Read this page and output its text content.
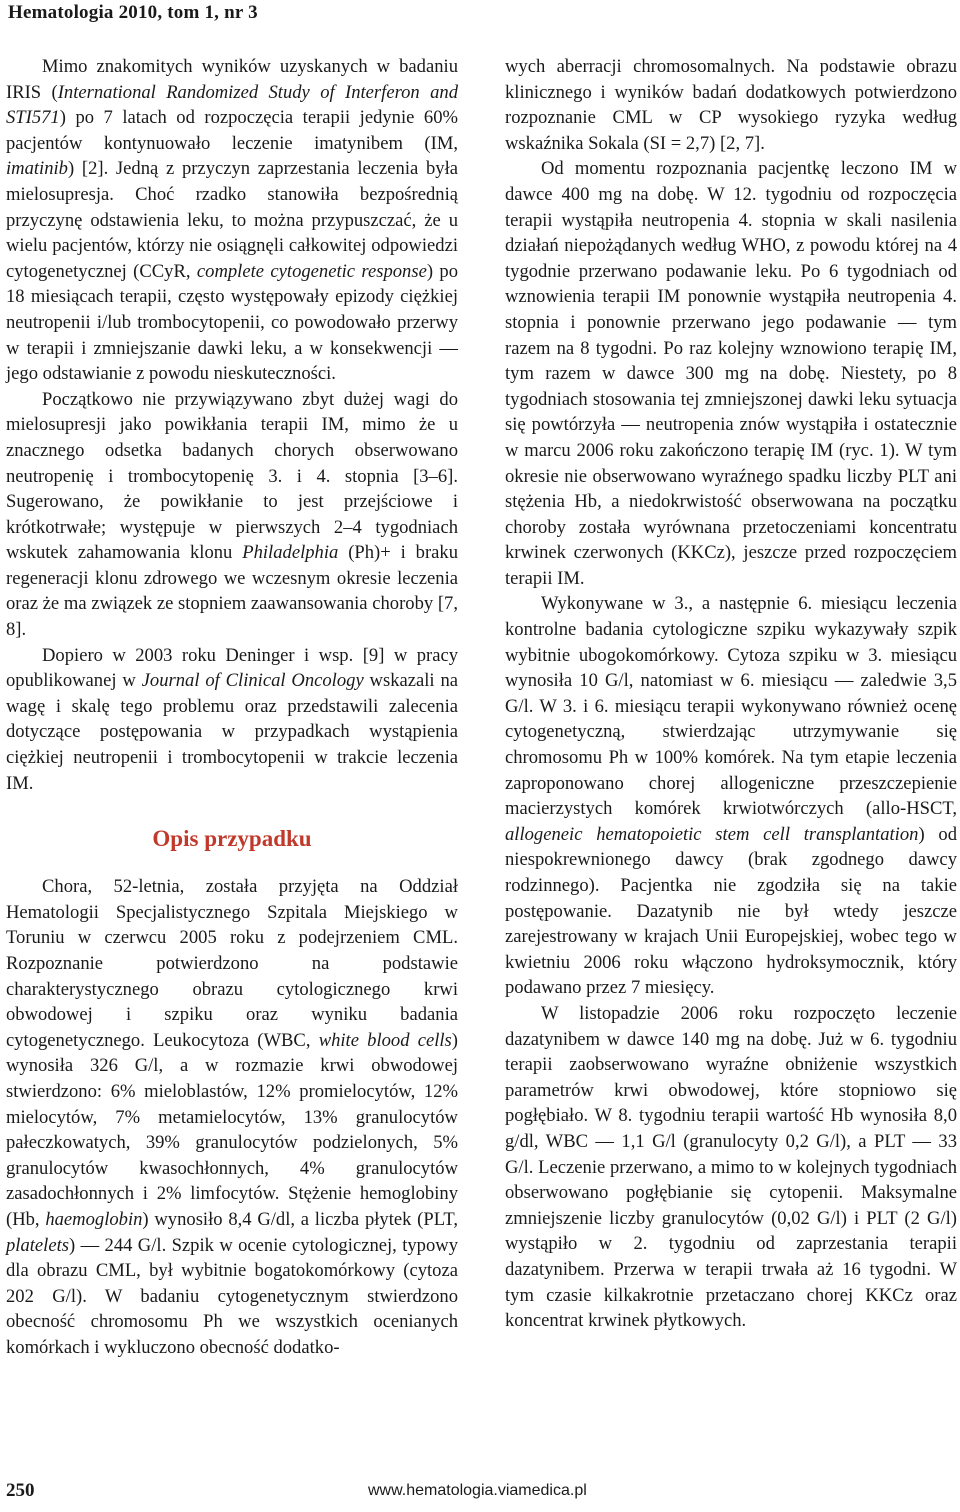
Hematologia 2010, tom 1, nr 3

Mimo znakomitych wyników uzyskanych w badaniu IRIS (International Randomized Study of Interferon and STI571) po 7 latach od rozpoczęcia terapii jedynie 60% pacjentów kontynuowało leczenie imatynibem (IM, imatinib) [2]. Jedną z przyczyn zaprzestania leczenia była mielosupresja. Choć rzadko stanowiła bezpośrednią przyczynę odstawienia leku, to można przypuszczać, że u wielu pacjentów, którzy nie osiągnęli całkowitej odpowiedzi cytogenetycznej (CCyR, complete cytogenetic response) po 18 miesiącach terapii, często występowały epizody ciężkiej neutropenii i/lub trombocytopenii, co powodowało przerwy w terapii i zmniejszanie dawki leku, a w konsekwencji — jego odstawianie z powodu nieskuteczności.

Początkowo nie przywiązywano zbyt dużej wagi do mielosupresji jako powikłania terapii IM, mimo że u znacznego odsetka badanych chorych obserwowano neutropenię i trombocytopenię 3. i 4. stopnia [3–6]. Sugerowano, że powikłanie to jest przejściowe i krótkotrwałe; występuje w pierwszych 2–4 tygodniach wskutek zahamowania klonu Philadelphia (Ph)+ i braku regeneracji klonu zdrowego we wczesnym okresie leczenia oraz że ma związek ze stopniem zaawansowania choroby [7, 8].

Dopiero w 2003 roku Deninger i wsp. [9] w pracy opublikowanej w Journal of Clinical Oncology wskazali na wagę i skalę tego problemu oraz przedstawili zalecenia dotyczące postępowania w przypadkach wystąpienia ciężkiej neutropenii i trombocytopenii w trakcie leczenia IM.

Opis przypadku

Chora, 52-letnia, została przyjęta na Oddział Hematologii Specjalistycznego Szpitala Miejskiego w Toruniu w czerwcu 2005 roku z podejrzeniem CML. Rozpoznanie potwierdzono na podstawie charakterystycznego obrazu cytologicznego krwi obwodowej i szpiku oraz wyniku badania cytogenetycznego. Leukocytoza (WBC, white blood cells) wynosiła 326 G/l, a w rozmazie krwi obwodowej stwierdzono: 6% mieloblastów, 12% promielocytów, 12% mielocytów, 7% metamielocytów, 13% granulocytów pałeczkowatych, 39% granulocytów podzielonych, 5% granulocytów kwasochłonnych, 4% granulocytów zasadochłonnych i 2% limfocytów. Stężenie hemoglobiny (Hb, haemoglobin) wynosiło 8,4 G/dl, a liczba płytek (PLT, platelets) — 244 G/l. Szpik w ocenie cytologicznej, typowy dla obrazu CML, był wybitnie bogatokomórkowy (cytoza 202 G/l). W badaniu cytogenetycznym stwierdzono obecność chromosomu Ph we wszystkich ocenianych komórkach i wykluczono obecność dodatko-

wych aberracji chromosomalnych. Na podstawie obrazu klinicznego i wyników badań dodatkowych potwierdzono rozpoznanie CML w CP wysokiego ryzyka według wskaźnika Sokala (SI = 2,7) [2, 7].

Od momentu rozpoznania pacjentkę leczono IM w dawce 400 mg na dobę. W 12. tygodniu od rozpoczęcia terapii wystąpiła neutropenia 4. stopnia w skali nasilenia działań niepożądanych według WHO, z powodu której na 4 tygodnie przerwano podawanie leku. Po 6 tygodniach od wznowienia terapii IM ponownie wystąpiła neutropenia 4. stopnia i ponownie przerwano jego podawanie — tym razem na 8 tygodni. Po raz kolejny wznowiono terapię IM, tym razem w dawce 300 mg na dobę. Niestety, po 8 tygodniach stosowania tej zmniejszonej dawki leku sytuacja się powtórzyła — neutropenia znów wystąpiła i ostatecznie w marcu 2006 roku zakończono terapię IM (ryc. 1). W tym okresie nie obserwowano wyraźnego spadku liczby PLT ani stężenia Hb, a niedokrwistość obserwowana na początku choroby została wyrównana przetoczeniami koncentratu krwinek czerwonych (KKCz), jeszcze przed rozpoczęciem terapii IM.

Wykonywane w 3., a następnie 6. miesiącu leczenia kontrolne badania cytologiczne szpiku wykazywały szpik wybitnie ubogokomórkowy. Cytoza szpiku w 3. miesiącu wynosiła 10 G/l, natomiast w 6. miesiącu — zaledwie 3,5 G/l. W 3. i 6. miesiącu terapii wykonywano również ocenę cytogenetyczną, stwierdzając utrzymywanie się chromosomu Ph w 100% komórek. Na tym etapie leczenia zaproponowano chorej allogeniczne przeszczepienie macierzystych komórek krwiotwórczych (allo-HSCT, allogeneic hematopoietic stem cell transplantation) od niespokrewnionego dawcy (brak zgodnego dawcy rodzinnego). Pacjentka nie zgodziła się na takie postępowanie. Dazatynib nie był wtedy jeszcze zarejestrowany w krajach Unii Europejskiej, wobec tego w kwietniu 2006 roku włączono hydroksymocznik, który podawano przez 7 miesięcy.

W listopadzie 2006 roku rozpoczęto leczenie dazatynibem w dawce 140 mg na dobę. Już w 6. tygodniu terapii zaobserwowano wyraźne obniżenie wszystkich parametrów krwi obwodowej, które stopniowo się pogłębiało. W 8. tygodniu terapii wartość Hb wynosiła 8,0 g/dl, WBC — 1,1 G/l (granulocyty 0,2 G/l), a PLT — 33 G/l. Leczenie przerwano, a mimo to w kolejnych tygodniach obserwowano pogłębianie się cytopenii. Maksymalne zmniejszenie liczby granulocytów (0,02 G/l) i PLT (2 G/l) wystąpiło w 2. tygodniu od zaprzestania terapii dazatynibem. Przerwa w terapii trwała aż 16 tygodni. W tym czasie kilkakrotnie przetaczano chorej KKCz oraz koncentrat krwinek płytkowych.

250	www.hematologia.viamedica.pl
